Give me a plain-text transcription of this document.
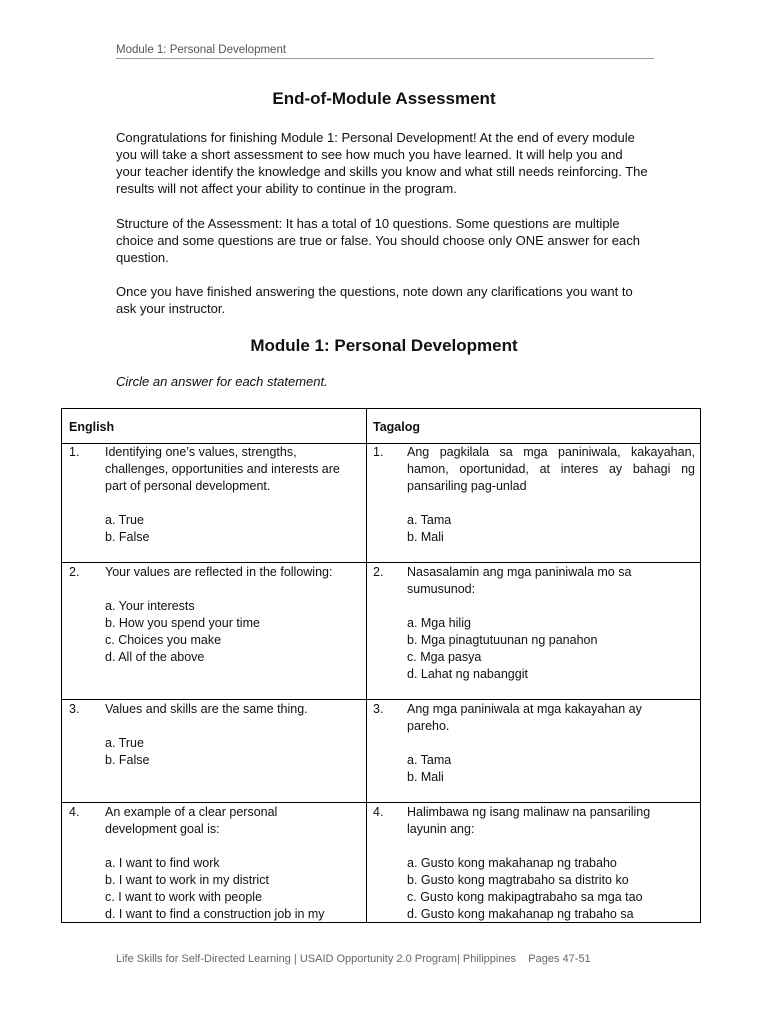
Module 1: Personal Development
End-of-Module Assessment
Congratulations for finishing Module 1: Personal Development! At the end of every module you will take a short assessment to see how much you have learned. It will help you and your teacher identify the knowledge and skills you know and what still needs reinforcing. The results will not affect your ability to continue in the program.
Structure of the Assessment: It has a total of 10 questions. Some questions are multiple choice and some questions are true or false. You should choose only ONE answer for each question.
Once you have finished answering the questions, note down any clarifications you want to ask your instructor.
Module 1: Personal Development
Circle an answer for each statement.
English	Tagalog
1.	Identifying one’s values, strengths, challenges, opportunities and interests are part of personal development.
a. True
b. False
1.	Ang pagkilala sa mga paniniwala, kakayahan, hamon, oportunidad, at interes ay bahagi ng pansariling pag-unlad
a. Tama
b. Mali
2.	Your values are reflected in the following:
a. Your interests
b. How you spend your time
c. Choices you make
d. All of the above
2.	Nasasalamin ang mga paniniwala mo sa sumusunod:
a. Mga hilig
b. Mga pinagtutuunan ng panahon
c. Mga pasya
d. Lahat ng nabanggit
3.	Values and skills are the same thing.
a. True
b. False
3.	Ang mga paniniwala at mga kakayahan ay pareho.
a. Tama
b. Mali
4.	An example of a clear personal development goal is:
a. I want to find work
b. I want to work in my district
c. I want to work with people
d. I want to find a construction job in my
4.	Halimbawa ng isang malinaw na pansariling layunin ang:
a. Gusto kong makahanap ng trabaho
b. Gusto kong magtrabaho sa distrito ko
c. Gusto kong makipagtrabaho sa mga tao
d. Gusto kong makahanap ng trabaho sa
Life Skills for Self-Directed Learning | USAID Opportunity 2.0 Program| Philippines Pages 47-51
